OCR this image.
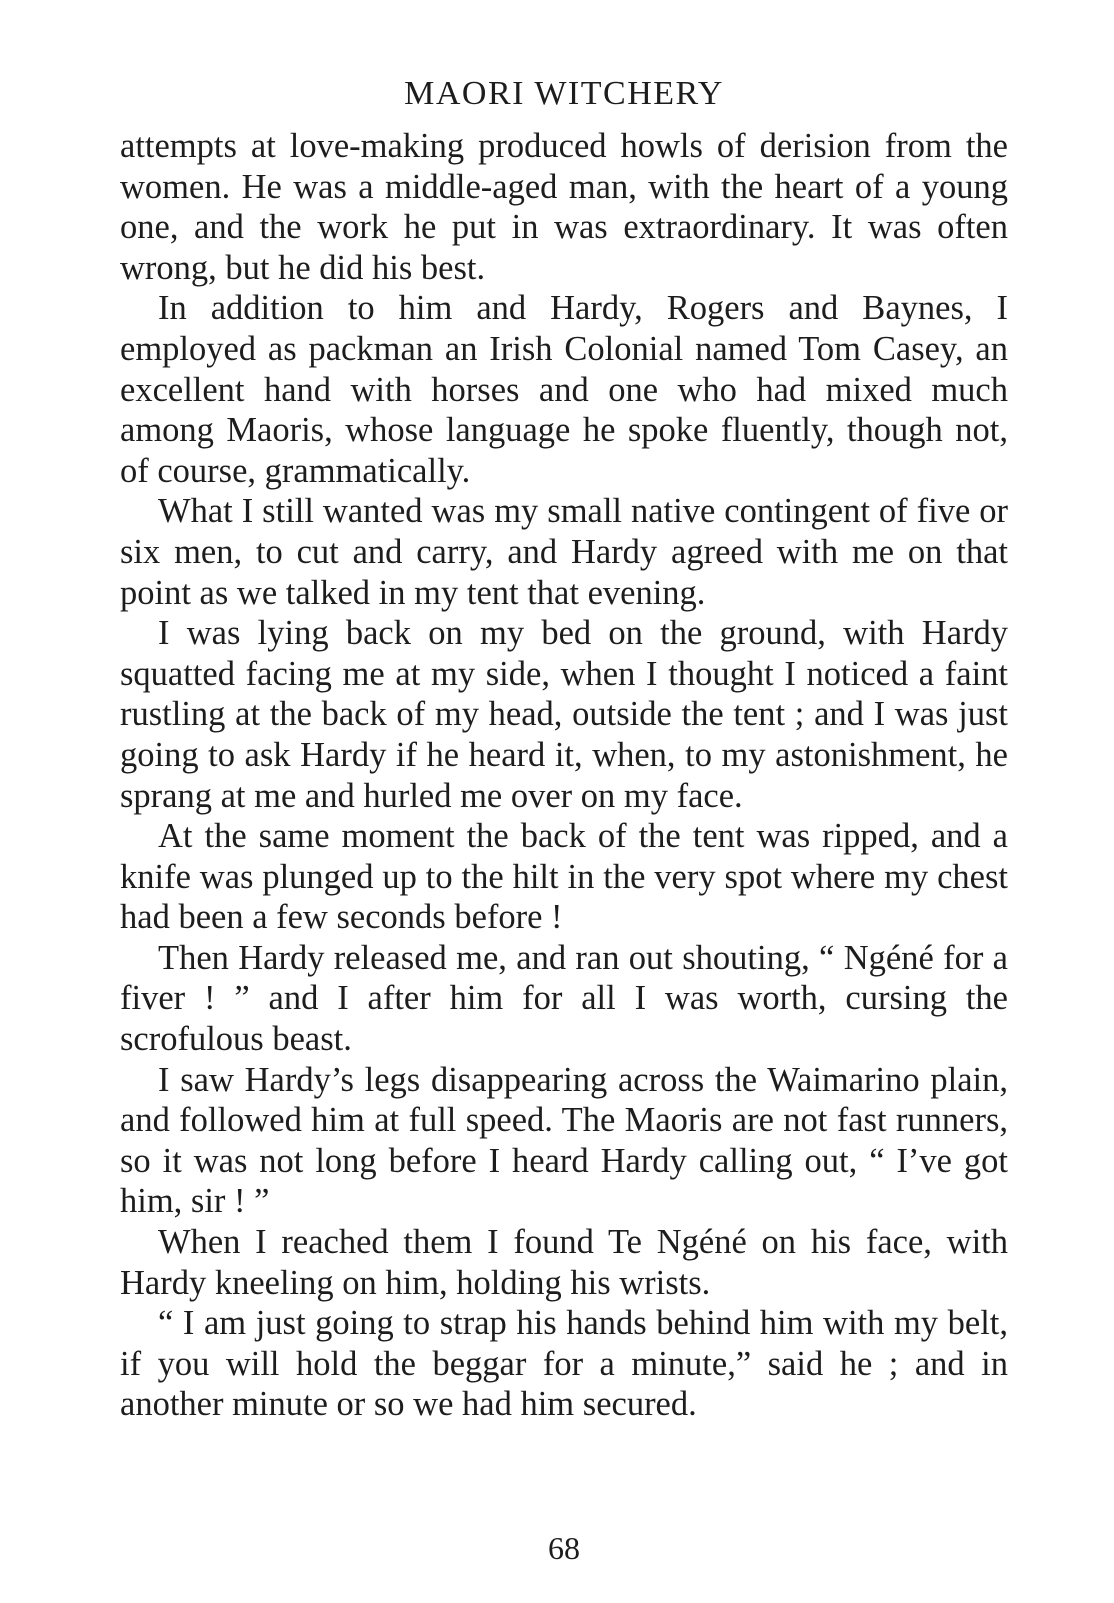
MAORI WITCHERY

attempts at love-making produced howls of derision from the women. He was a middle-aged man, with the heart of a young one, and the work he put in was extraordinary. It was often wrong, but he did his best.

In addition to him and Hardy, Rogers and Baynes, I employed as packman an Irish Colonial named Tom Casey, an excellent hand with horses and one who had mixed much among Maoris, whose language he spoke fluently, though not, of course, grammatically.

What I still wanted was my small native contingent of five or six men, to cut and carry, and Hardy agreed with me on that point as we talked in my tent that evening.

I was lying back on my bed on the ground, with Hardy squatted facing me at my side, when I thought I noticed a faint rustling at the back of my head, outside the tent ; and I was just going to ask Hardy if he heard it, when, to my astonishment, he sprang at me and hurled me over on my face.

At the same moment the back of the tent was ripped, and a knife was plunged up to the hilt in the very spot where my chest had been a few seconds before !

Then Hardy released me, and ran out shouting, “ Ngéné for a fiver ! ” and I after him for all I was worth, cursing the scrofulous beast.

I saw Hardy’s legs disappearing across the Waimarino plain, and followed him at full speed. The Maoris are not fast runners, so it was not long before I heard Hardy calling out, “ I’ve got him, sir ! ”

When I reached them I found Te Ngéné on his face, with Hardy kneeling on him, holding his wrists.

“ I am just going to strap his hands behind him with my belt, if you will hold the beggar for a minute,” said he ; and in another minute or so we had him secured.

68
